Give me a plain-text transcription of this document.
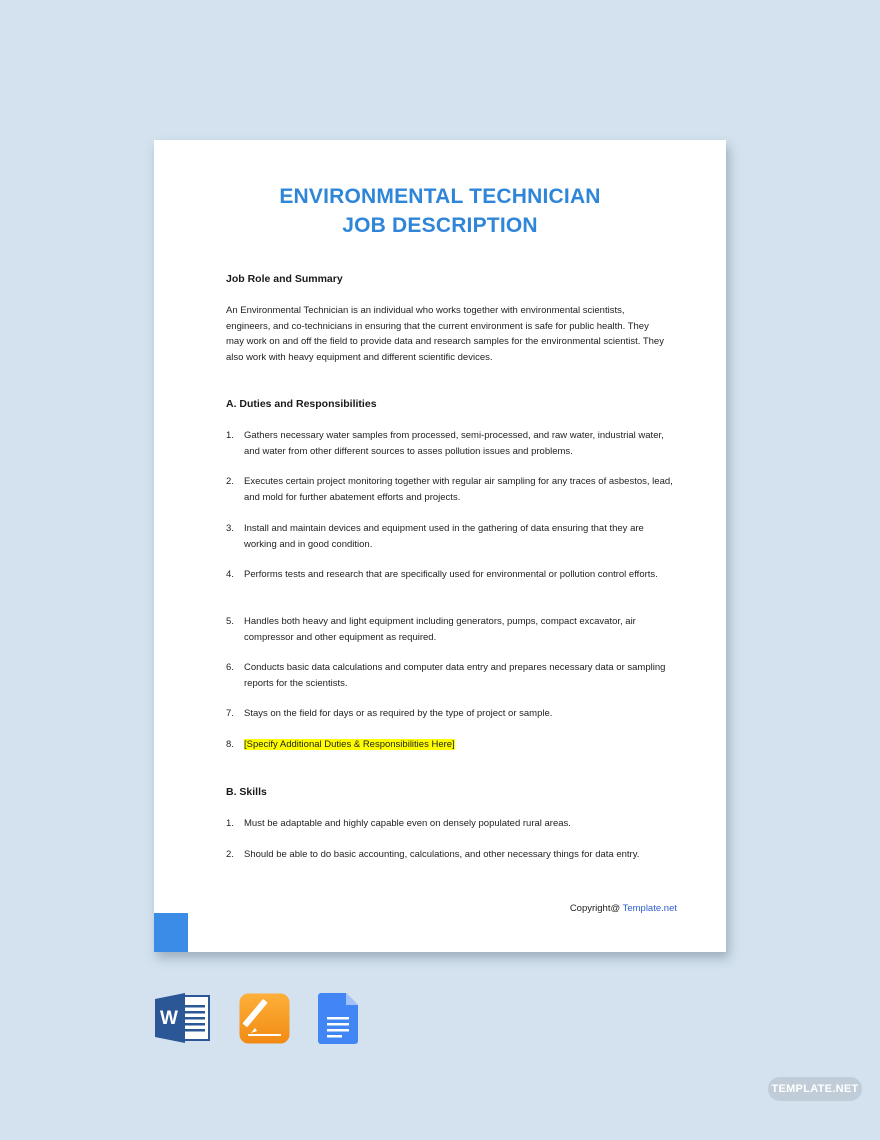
ENVIRONMENTAL TECHNICIAN
JOB DESCRIPTION
Job Role and Summary
An Environmental Technician is an individual who works together with environmental scientists, engineers, and co-technicians in ensuring that the current environment is safe for public health. They may work on and off the field to provide data and research samples for the environmental scientist. They also work with heavy equipment and different scientific devices.
A. Duties and Responsibilities
1. Gathers necessary water samples from processed, semi-processed, and raw water, industrial water, and water from other different sources to asses pollution issues and problems.
2. Executes certain project monitoring together with regular air sampling for any traces of asbestos, lead, and mold for further abatement efforts and projects.
3. Install and maintain devices and equipment used in the gathering of data ensuring that they are working and in good condition.
4. Performs tests and research that are specifically used for environmental or pollution control efforts.
5. Handles both heavy and light equipment including generators, pumps, compact excavator, air compressor and other equipment as required.
6. Conducts basic data calculations and computer data entry and prepares necessary data or sampling reports for the scientists.
7. Stays on the field for days or as required by the type of project or sample.
8. [Specify Additional Duties & Responsibilities Here]
B. Skills
1. Must be adaptable and highly capable even on densely populated rural areas.
2. Should be able to do basic accounting, calculations, and other necessary things for data entry.
Copyright@ Template.net
W
TEMPLATE.NET
